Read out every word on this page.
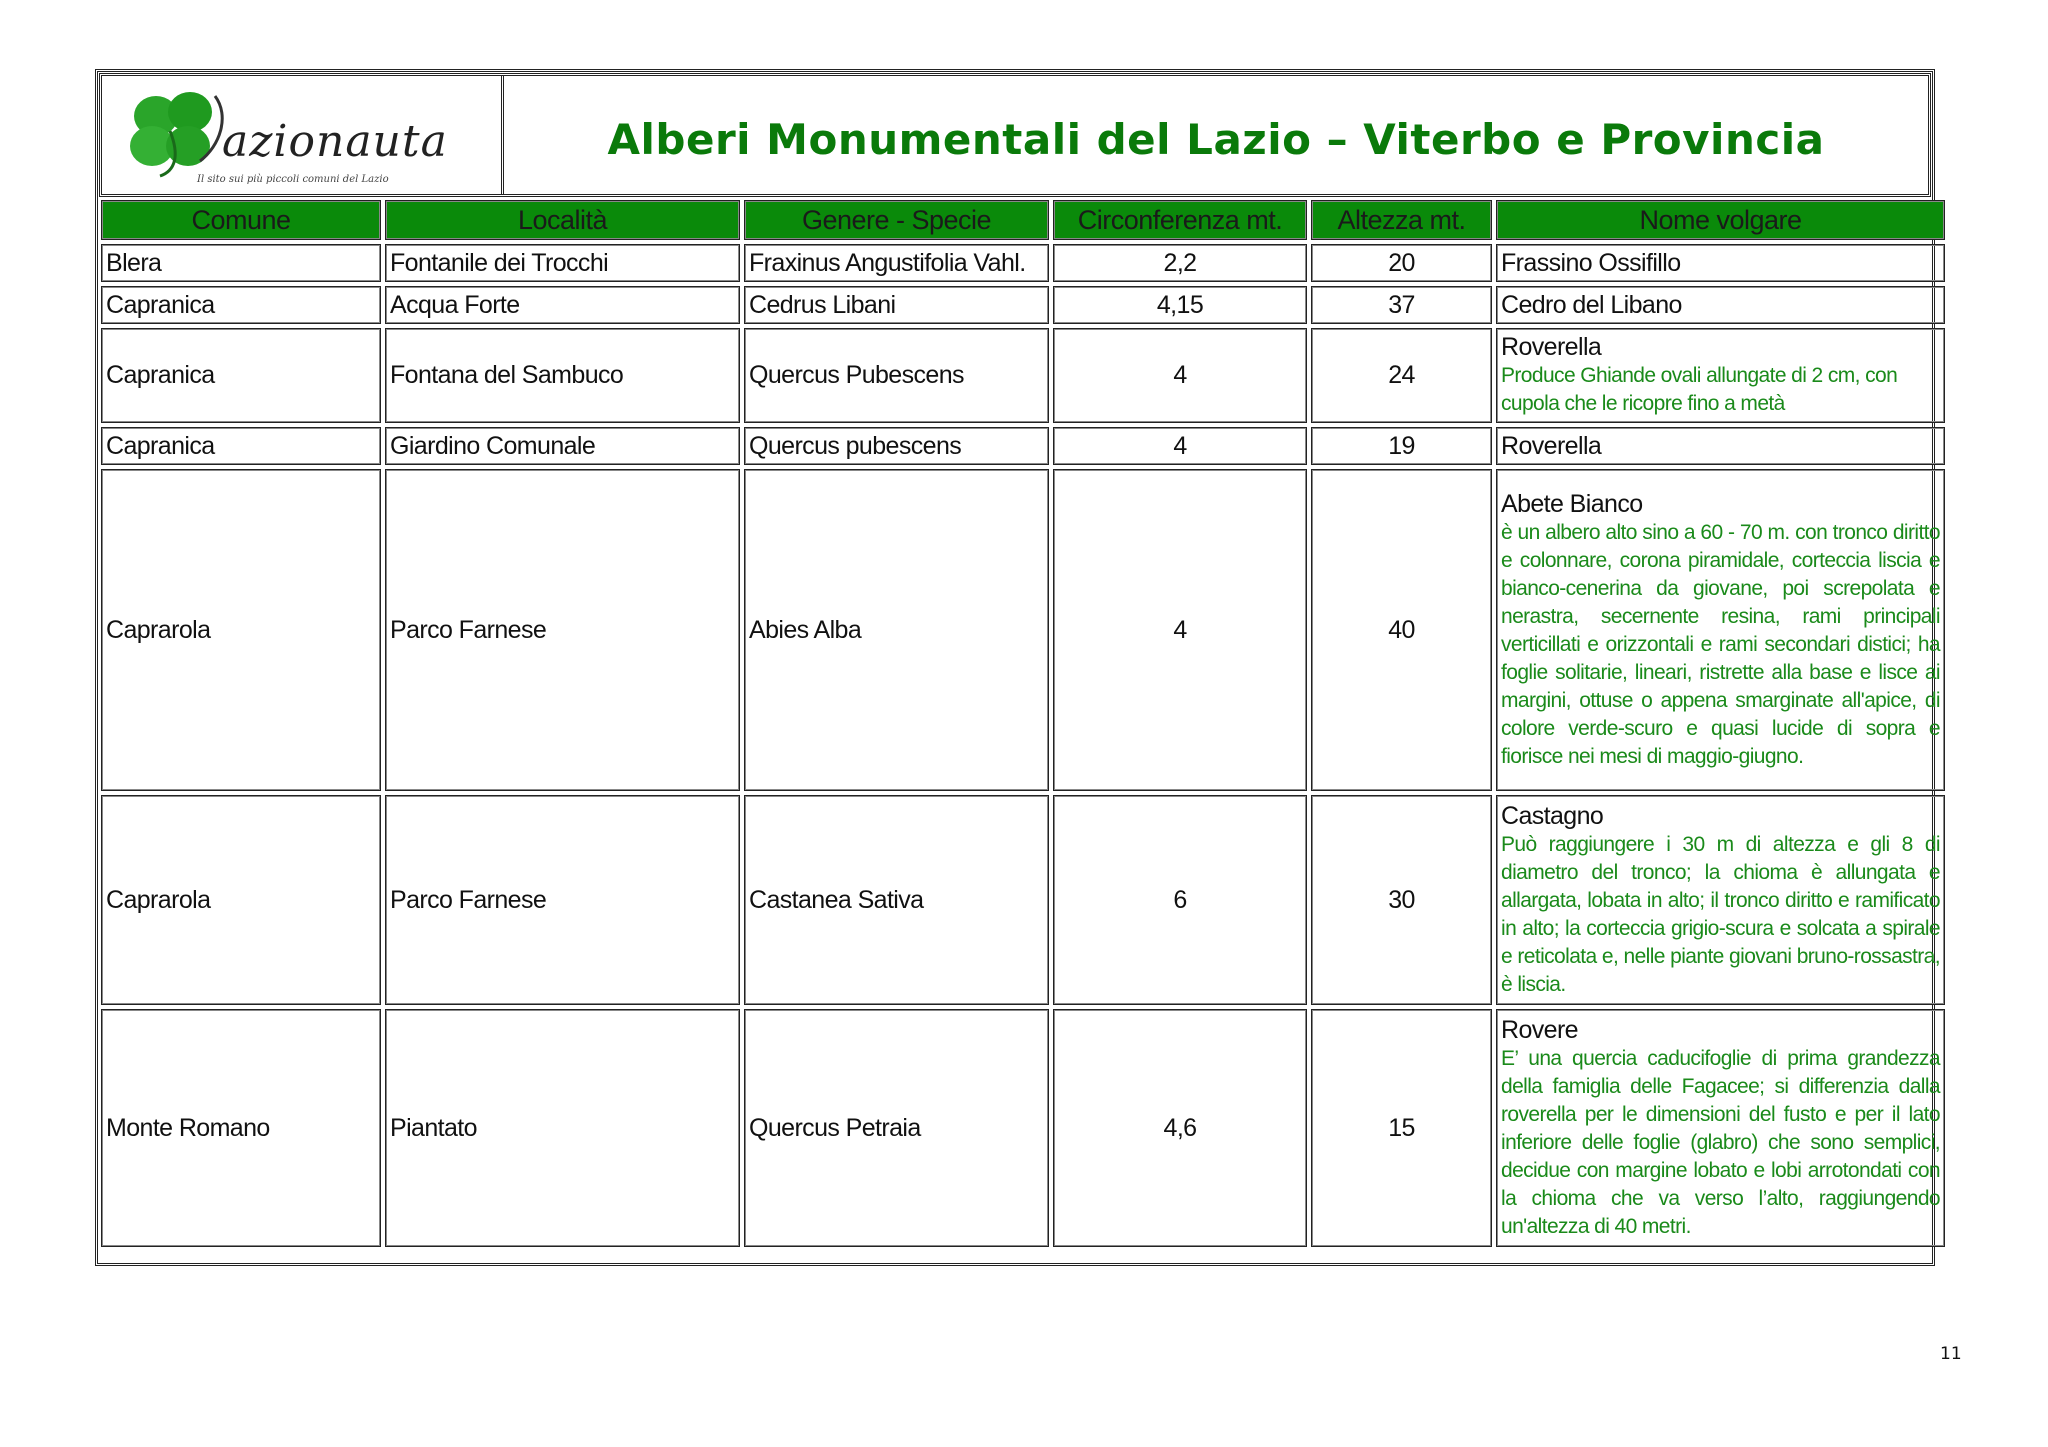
azionauta
Il sito sui più piccoli comuni del Lazio
Alberi Monumentali del Lazio – Viterbo e Provincia
Comune	Località	Genere - Specie	Circonferenza mt.	Altezza mt.	Nome volgare
Blera	Fontanile dei Trocchi	Fraxinus Angustifolia Vahl.	2,2	20	Frassino Ossifillo

Capranica	Acqua Forte	Cedrus Libani	4,15	37	Cedro del Libano

Capranica	Fontana del Sambuco	Quercus Pubescens	4	24	Roverella
Produce Ghiande ovali allungate di 2 cm, con cupola che le ricopre fino a metà

Capranica	Giardino Comunale	Quercus pubescens	4	19	Roverella

Caprarola	Parco Farnese	Abies Alba	4	40	Abete Bianco
è un albero alto sino a 60 - 70 m. con tronco diritto e colonnare, corona piramidale, corteccia liscia e bianco-cenerina da giovane, poi screpolata e nerastra, secernente resina, rami principali verticillati e orizzontali e rami secondari distici; ha foglie solitarie, lineari, ristrette alla base e lisce ai margini, ottuse o appena smarginate all'apice, di colore verde-scuro e quasi lucide di sopra e fiorisce nei mesi di maggio-giugno.

Caprarola	Parco Farnese	Castanea Sativa	6	30	Castagno
Può raggiungere i 30 m di altezza e gli 8 di diametro del tronco; la chioma è allungata e allargata, lobata in alto; il tronco diritto e ramificato in alto; la corteccia grigio-scura e solcata a spirale e reticolata e, nelle piante giovani bruno-rossastra, è liscia.

Monte Romano	Piantato	Quercus Petraia	4,6	15	Rovere
E’ una quercia caducifoglie di prima grandezza della famiglia delle Fagacee; si differenzia dalla roverella per le dimensioni del fusto e per il lato inferiore delle foglie (glabro) che sono semplici, decidue con margine lobato e lobi arrotondati con la chioma che va verso l’alto, raggiungendo un'altezza di 40 metri.
11
